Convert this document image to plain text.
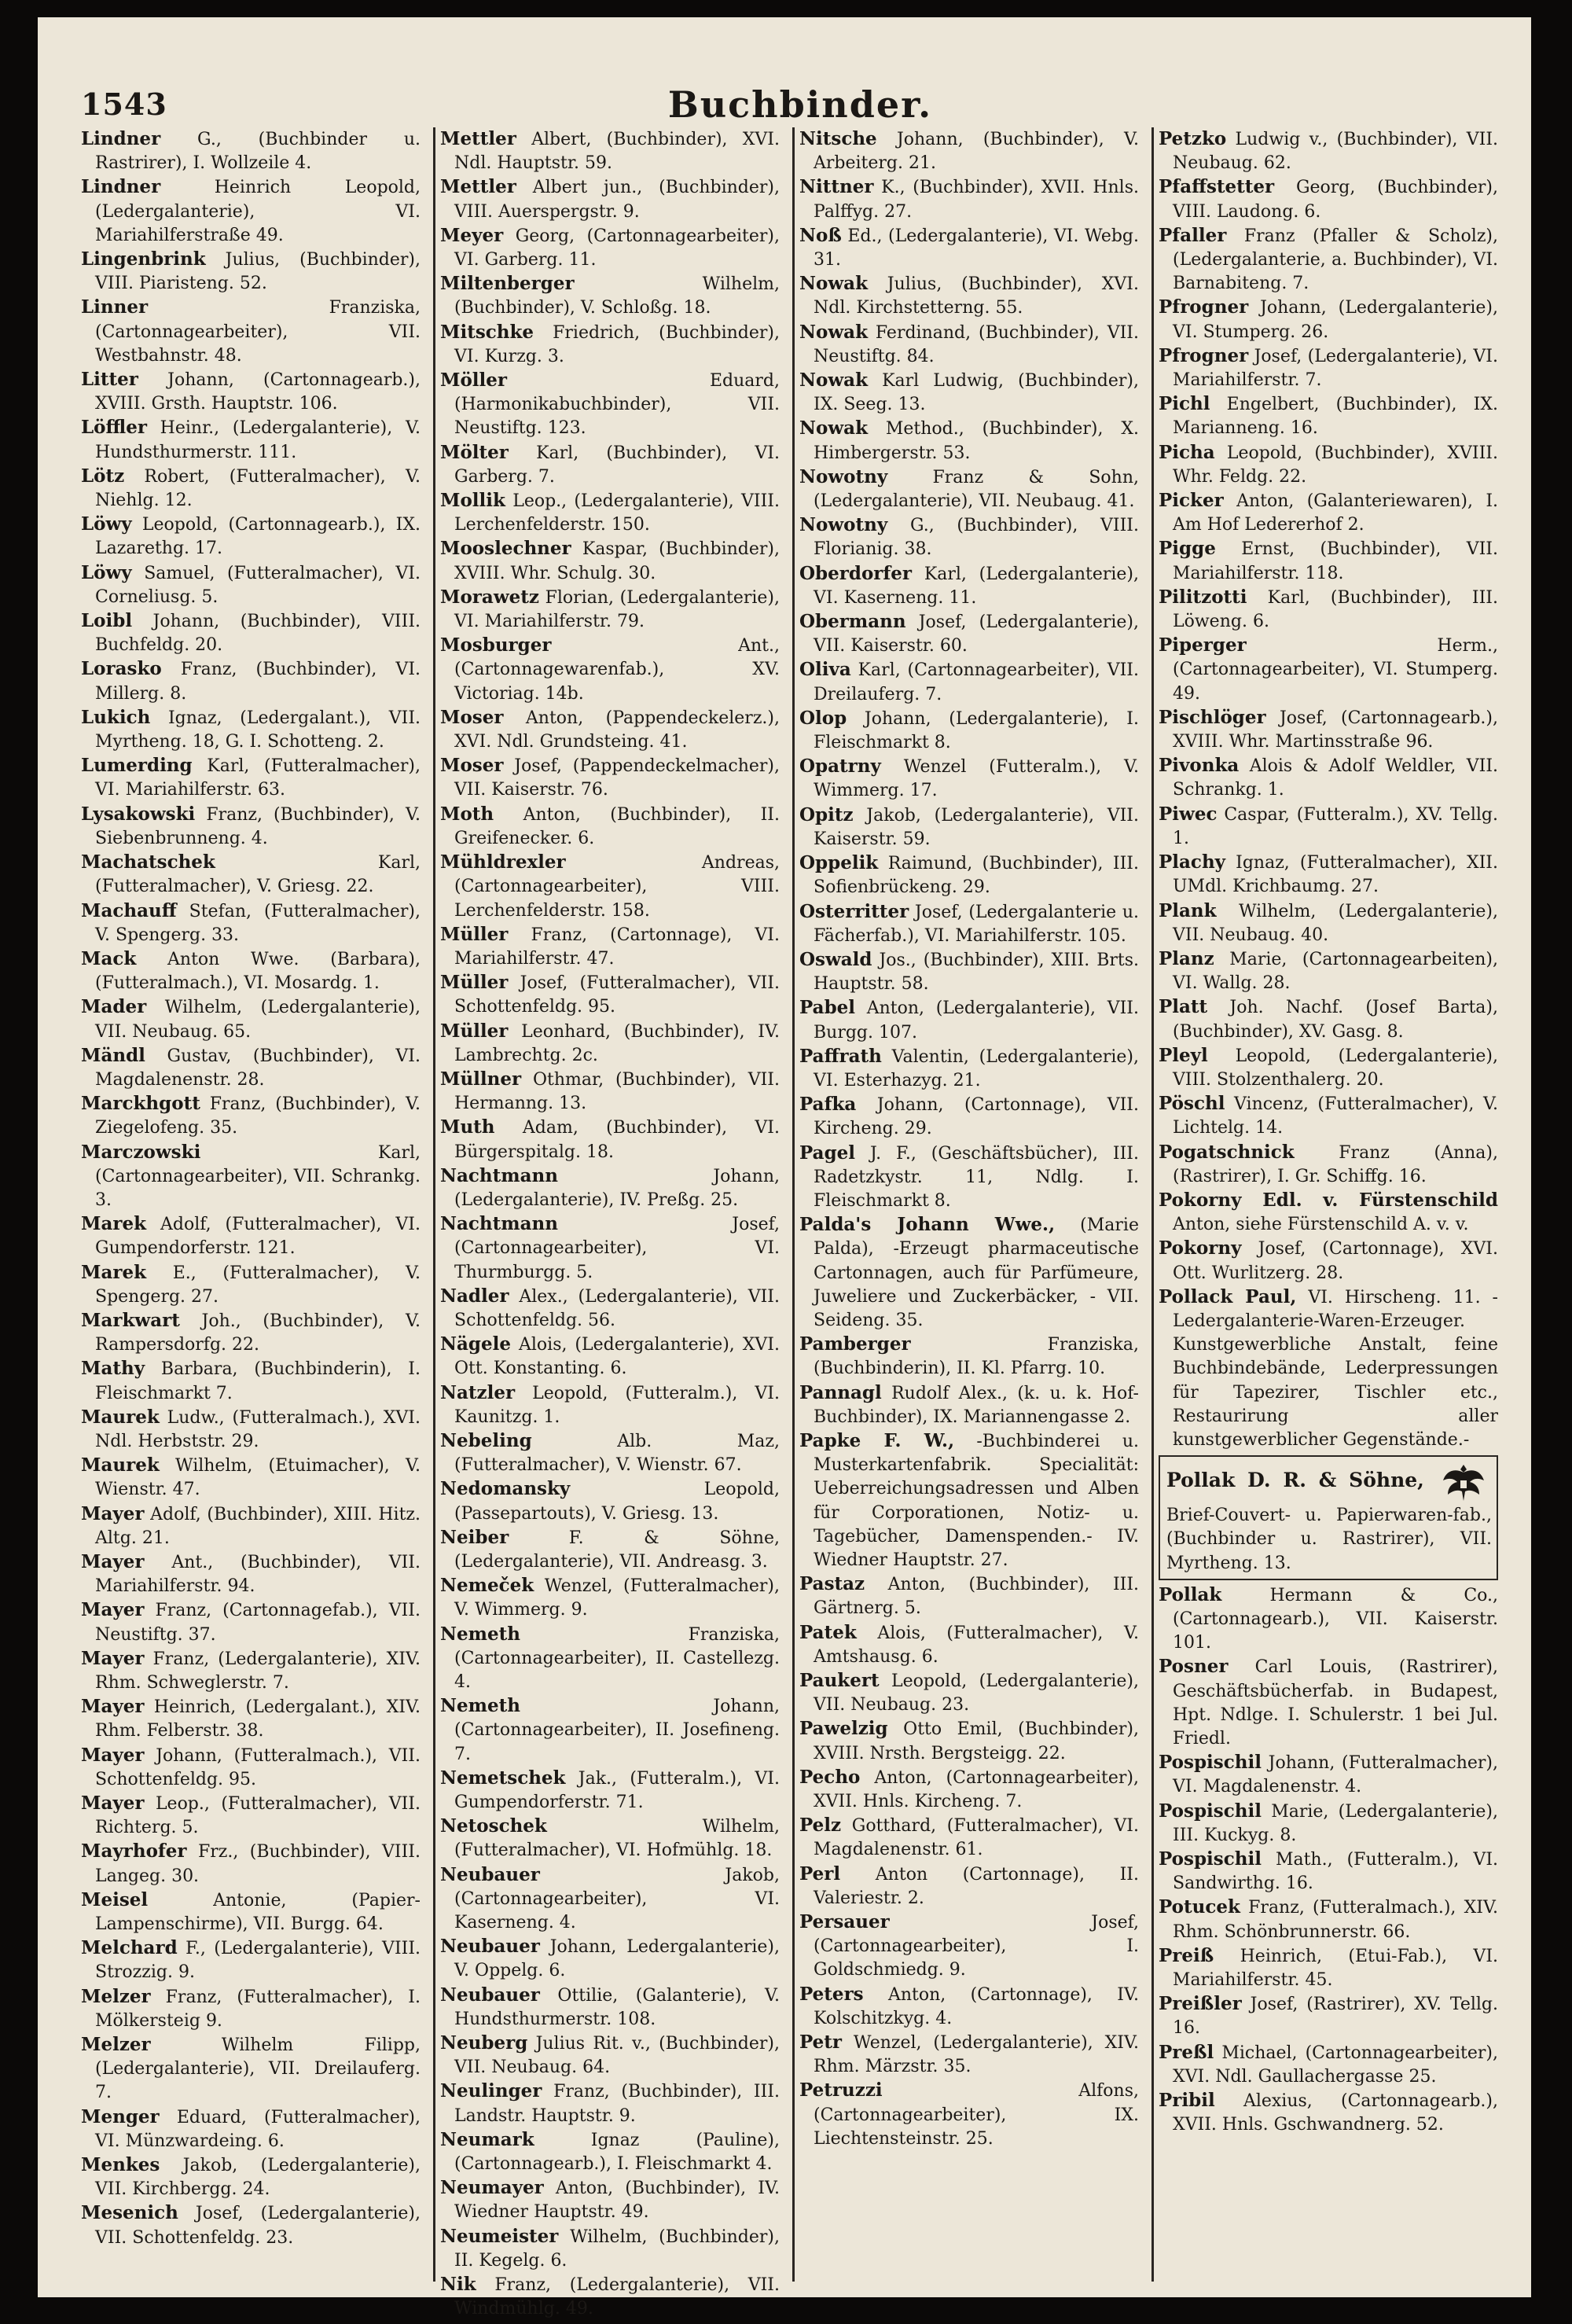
1543	Buchbinder.

Lindner G., (Buchbinder u. Rastrirer), I. Wollzeile 4.

Lindner	Heinrich Leopold, (Ledergalanterie), VI. Mariahilferstraße 49.

Lingenbrink Julius, (Buchbinder), VIII. Piaristeng. 52.

Linner	Franziska, (Cartonnagearbeiter), VII. Westbahnstr. 48.

Litter Johann, (Cartonnagearb.), XVIII. Grsth. Hauptstr. 106.

Löffler Heinr., (Ledergalanterie), V. Hundsthurmerstr. 111.

Lötz Robert, (Futteralmacher), V. Niehlg. 12.

Löwy Leopold, (Cartonnagearb.), IX. Lazarethg. 17.

Löwy Samuel, (Futteralmacher), VI. Corneliusg. 5.

Loibl Johann, (Buchbinder), VIII. Buchfeldg. 20.

Lorasko Franz, (Buchbinder), VI. Millerg. 8.

Lukich Ignaz, (Ledergalant.), VII. Myrtheng. 18, G. I. Schotteng. 2.

Lumerding Karl, (Futteralmacher), VI. Mariahilferstr. 63.

Lysakowski Franz, (Buchbinder), V. Siebenbrunneng. 4.

Machatschek	Karl, (Futteralmacher), V. Griesg. 22.

Machauff Stefan, (Futteralmacher), V. Spengerg. 33.

Mack Anton Wwe. (Barbara), (Futteralmach.), VI. Mosardg. 1.

Mader Wilhelm, (Ledergalanterie), VII. Neubaug. 65.

Mändl Gustav, (Buchbinder), VI. Magdalenenstr. 28.

Marckhgott Franz, (Buchbinder), V. Ziegelofeng. 35.

Marczowski	Karl, (Cartonnagearbeiter), VII. Schrankg. 3.

Marek Adolf, (Futteralmacher), VI. Gumpendorferstr. 121.

Marek E., (Futteralmacher), V. Spengerg. 27.

Markwart Joh., (Buchbinder), V. Rampersdorfg. 22.

Mathy Barbara, (Buchbinderin), I. Fleischmarkt 7.

Maurek Ludw., (Futteralmach.), XVI. Ndl. Herbststr. 29.

Maurek Wilhelm, (Etuimacher), V. Wienstr. 47.

Mayer Adolf, (Buchbinder), XIII. Hitz. Altg. 21.

Mayer Ant., (Buchbinder), VII. Mariahilferstr. 94.

Mayer Franz, (Cartonnagefab.), VII. Neustiftg. 37.

Mayer Franz, (Ledergalanterie), XIV. Rhm. Schweglerstr. 7.

Mayer Heinrich, (Ledergalant.), XIV. Rhm. Felberstr. 38.

Mayer Johann, (Futteralmach.), VII. Schottenfeldg. 95.

Mayer Leop., (Futteralmacher), VII. Richterg. 5.

Mayrhofer Frz., (Buchbinder), VIII. Langeg. 30.

Meisel	Antonie, (Papier-Lampenschirme), VII. Burgg. 64.

Melchard F., (Ledergalanterie), VIII. Strozzig. 9.

Melzer Franz, (Futteralmacher), I. Mölkersteig 9.

Melzer	Wilhelm Filipp, (Ledergalanterie), VII. Dreilauferg. 7.

Menger Eduard, (Futteralmacher), VI. Münzwardeing. 6.

Menkes Jakob, (Ledergalanterie), VII. Kirchbergg. 24.

Mesenich Josef, (Ledergalanterie), VII. Schottenfeldg. 23.

Mettler Albert, (Buchbinder), XVI. Ndl. Hauptstr. 59.

Mettler Albert jun., (Buchbinder), VIII. Auerspergstr. 9.

Meyer Georg, (Cartonnagearbeiter), VI. Garberg. 11.

Miltenberger	Wilhelm, (Buchbinder), V. Schloßg. 18.

Mitschke Friedrich, (Buchbinder), VI. Kurzg. 3.

Möller	Eduard, (Harmonikabuchbinder), VII. Neustiftg. 123.

Mölter Karl, (Buchbinder), VI. Garberg. 7.

Mollik Leop., (Ledergalanterie), VIII. Lerchenfelderstr. 150.

Mooslechner Kaspar, (Buchbinder), XVIII. Whr. Schulg. 30.

Morawetz Florian, (Ledergalanterie), VI. Mariahilferstr. 79.

Mosburger	Ant., (Cartonnagewarenfab.), XV. Victoriag. 14b.

Moser Anton, (Pappendeckelerz.), XVI. Ndl. Grundsteing. 41.

Moser Josef, (Pappendeckelmacher), VII. Kaiserstr. 76.

Moth Anton, (Buchbinder), II. Greifenecker. 6.

Mühldrexler	Andreas, (Cartonnagearbeiter), VIII. Lerchenfelderstr. 158.

Müller Franz, (Cartonnage), VI. Mariahilferstr. 47.

Müller Josef, (Futteralmacher), VII. Schottenfeldg. 95.

Müller Leonhard, (Buchbinder), IV. Lambrechtg. 2c.

Müllner Othmar, (Buchbinder), VII. Hermanng. 13.

Muth Adam, (Buchbinder), VI. Bürgerspitalg. 18.

Nachtmann	Johann, (Ledergalanterie), IV. Preßg. 25.

Nachtmann	Josef, (Cartonnagearbeiter), VI. Thurmburgg. 5.

Nadler Alex., (Ledergalanterie), VII. Schottenfeldg. 56.

Nägele Alois, (Ledergalanterie), XVI. Ott. Konstanting. 6.

Natzler Leopold, (Futteralm.), VI. Kaunitzg. 1.

Nebeling	Alb. Maz, (Futteralmacher), V. Wienstr. 67.

Nedomansky	Leopold, (Passepartouts), V. Griesg. 13.

Neiber	F. & Söhne, (Ledergalanterie), VII. Andreasg. 3.

Nemeček Wenzel, (Futteralmacher), V. Wimmerg. 9.

Nemeth	Franziska, (Cartonnagearbeiter), II. Castellezg. 4.

Nemeth	Johann, (Cartonnagearbeiter), II. Josefineng. 7.

Nemetschek Jak., (Futteralm.), VI. Gumpendorferstr. 71.

Netoschek	Wilhelm, (Futteralmacher), VI. Hofmühlg. 18.

Neubauer	Jakob, (Cartonnagearbeiter), VI. Kaserneng. 4.

Neubauer Johann, Ledergalanterie), V. Oppelg. 6.

Neubauer Ottilie, (Galanterie), V. Hundsthurmerstr. 108.

Neuberg Julius Rit. v., (Buchbinder), VII. Neubaug. 64.

Neulinger Franz, (Buchbinder), III. Landstr. Hauptstr. 9.

Neumark	Ignaz (Pauline), (Cartonnagearb.), I. Fleischmarkt 4.

Neumayer Anton, (Buchbinder), IV. Wiedner Hauptstr. 49.

Neumeister Wilhelm, (Buchbinder), II. Kegelg. 6.

Nik Franz, (Ledergalanterie), VII. Windmühlg. 49.

Nitsche Johann, (Buchbinder), V. Arbeiterg. 21.

Nittner K., (Buchbinder), XVII. Hnls. Palffyg. 27.

Noß Ed., (Ledergalanterie), VI. Webg. 31.

Nowak Julius, (Buchbinder), XVI. Ndl. Kirchstetterng. 55.

Nowak Ferdinand, (Buchbinder), VII. Neustiftg. 84.

Nowak Karl Ludwig, (Buchbinder), IX. Seeg. 13.

Nowak Method., (Buchbinder), X. Himbergerstr. 53.

Nowotny	Franz & Sohn, (Ledergalanterie), VII. Neubaug. 41.

Nowotny G., (Buchbinder), VIII. Florianig. 38.

Oberdorfer Karl, (Ledergalanterie), VI. Kaserneng. 11.

Obermann Josef, (Ledergalanterie), VII. Kaiserstr. 60.

Oliva Karl, (Cartonnagearbeiter), VII. Dreilauferg. 7.

Olop Johann, (Ledergalanterie), I. Fleischmarkt 8.

Opatrny Wenzel (Futteralm.), V. Wimmerg. 17.

Opitz Jakob, (Ledergalanterie), VII. Kaiserstr. 59.

Oppelik Raimund, (Buchbinder), III. Sofienbrückeng. 29.

Osterritter Josef, (Ledergalanterie u. Fächerfab.), VI. Mariahilferstr. 105.

Oswald Jos., (Buchbinder), XIII. Brts. Hauptstr. 58.

Pabel Anton, (Ledergalanterie), VII. Burgg. 107.

Paffrath Valentin, (Ledergalanterie), VI. Esterhazyg. 21.

Pafka Johann, (Cartonnage), VII. Kircheng. 29.

Pagel J. F., (Geschäftsbücher), III. Radetzkystr. 11, Ndlg. I. Fleischmarkt 8.

Palda's Johann Wwe., (Marie Palda), -Erzeugt pharmaceutische Cartonnagen, auch für Parfümeure, Juweliere und Zuckerbäcker, - VII. Seideng. 35.

Pamberger	Franziska, (Buchbinderin), II. Kl. Pfarrg. 10.

Pannagl Rudolf Alex., (k. u. k. Hof-Buchbinder), IX. Mariannengasse 2.

Papke F. W., -Buchbinderei u. Musterkartenfabrik. Specialität: Ueberreichungsadressen und Alben für Corporationen, Notiz- u. Tagebücher, Damenspenden.- IV. Wiedner Hauptstr. 27.

Pastaz Anton, (Buchbinder), III. Gärtnerg. 5.

Patek Alois, (Futteralmacher), V. Amtshausg. 6.

Paukert Leopold, (Ledergalanterie), VII. Neubaug. 23.

Pawelzig Otto Emil, (Buchbinder), XVIII. Nrsth. Bergsteigg. 22.

Pecho Anton, (Cartonnagearbeiter), XVII. Hnls. Kircheng. 7.

Pelz Gotthard, (Futteralmacher), VI. Magdalenenstr. 61.

Perl Anton (Cartonnage), II. Valeriestr. 2.

Persauer	Josef, (Cartonnagearbeiter), I. Goldschmiedg. 9.

Peters Anton, (Cartonnage), IV. Kolschitzkyg. 4.

Petr Wenzel, (Ledergalanterie), XIV. Rhm. Märzstr. 35.

Petruzzi	Alfons, (Cartonnagearbeiter), IX. Liechtensteinstr. 25.

Petzko Ludwig v., (Buchbinder), VII. Neubaug. 62.

Pfaffstetter Georg, (Buchbinder), VIII. Laudong. 6.

Pfaller Franz (Pfaller & Scholz), (Ledergalanterie, a. Buchbinder), VI. Barnabiteng. 7.

Pfrogner Johann, (Ledergalanterie), VI. Stumperg. 26.

Pfrogner Josef, (Ledergalanterie), VI. Mariahilferstr. 7.

Pichl Engelbert, (Buchbinder), IX. Marianneng. 16.

Picha Leopold, (Buchbinder), XVIII. Whr. Feldg. 22.

Picker Anton, (Galanteriewaren), I. Am Hof Ledererhof 2.

Pigge Ernst, (Buchbinder), VII. Mariahilferstr. 118.

Pilitzotti Karl, (Buchbinder), III. Löweng. 6.

Piperger	Herm., (Cartonnagearbeiter), VI. Stumperg. 49.

Pischlöger Josef, (Cartonnagearb.), XVIII. Whr. Martinsstraße 96.

Pivonka Alois & Adolf Weldler, VII. Schrankg. 1.

Piwec Caspar, (Futteralm.), XV. Tellg. 1.

Plachy Ignaz, (Futteralmacher), XII. UMdl. Krichbaumg. 27.

Plank Wilhelm, (Ledergalanterie), VII. Neubaug. 40.

Planz Marie, (Cartonnagearbeiten), VI. Wallg. 28.

Platt Joh. Nachf. (Josef Barta), (Buchbinder), XV. Gasg. 8.

Pleyl Leopold, (Ledergalanterie), VIII. Stolzenthalerg. 20.

Pöschl Vincenz, (Futteralmacher), V. Lichtelg. 14.

Pogatschnick	Franz (Anna), (Rastrirer), I. Gr. Schiffg. 16.

Pokorny Edl. v. Fürstenschild Anton, siehe Fürstenschild A. v. v.

Pokorny Josef, (Cartonnage), XVI. Ott. Wurlitzerg. 28.

Pollack Paul, VI. Hirscheng. 11. -Ledergalanterie-Waren-Erzeuger. Kunstgewerbliche Anstalt, feine Buchbindebände, Lederpressungen für Tapezirer, Tischler etc., Restaurirung aller kunstgewerblicher Gegenstände.-

Pollak D. R. & Söhne, Brief-Couvert- u. Papierwaren-fab., (Buchbinder u. Rastrirer), VII. Myrtheng. 13.

Pollak	Hermann & Co., (Cartonnagearb.), VII. Kaiserstr. 101.

Posner Carl Louis, (Rastrirer), Geschäftsbücherfab. in Budapest, Hpt. Ndlge. I. Schulerstr. 1 bei Jul. Friedl.

Pospischil Johann, (Futteralmacher), VI. Magdalenenstr. 4.

Pospischil Marie, (Ledergalanterie), III. Kuckyg. 8.

Pospischil Math., (Futteralm.), VI. Sandwirthg. 16.

Potucek Franz, (Futteralmach.), XIV. Rhm. Schönbrunnerstr. 66.

Preiß Heinrich, (Etui-Fab.), VI. Mariahilferstr. 45.

Preißler Josef, (Rastrirer), XV. Tellg. 16.

Preßl Michael, (Cartonnagearbeiter), XVI. Ndl. Gaullachergasse 25.

Pribil Alexius, (Cartonnagearb.), XVII. Hnls. Gschwandnerg. 52.
